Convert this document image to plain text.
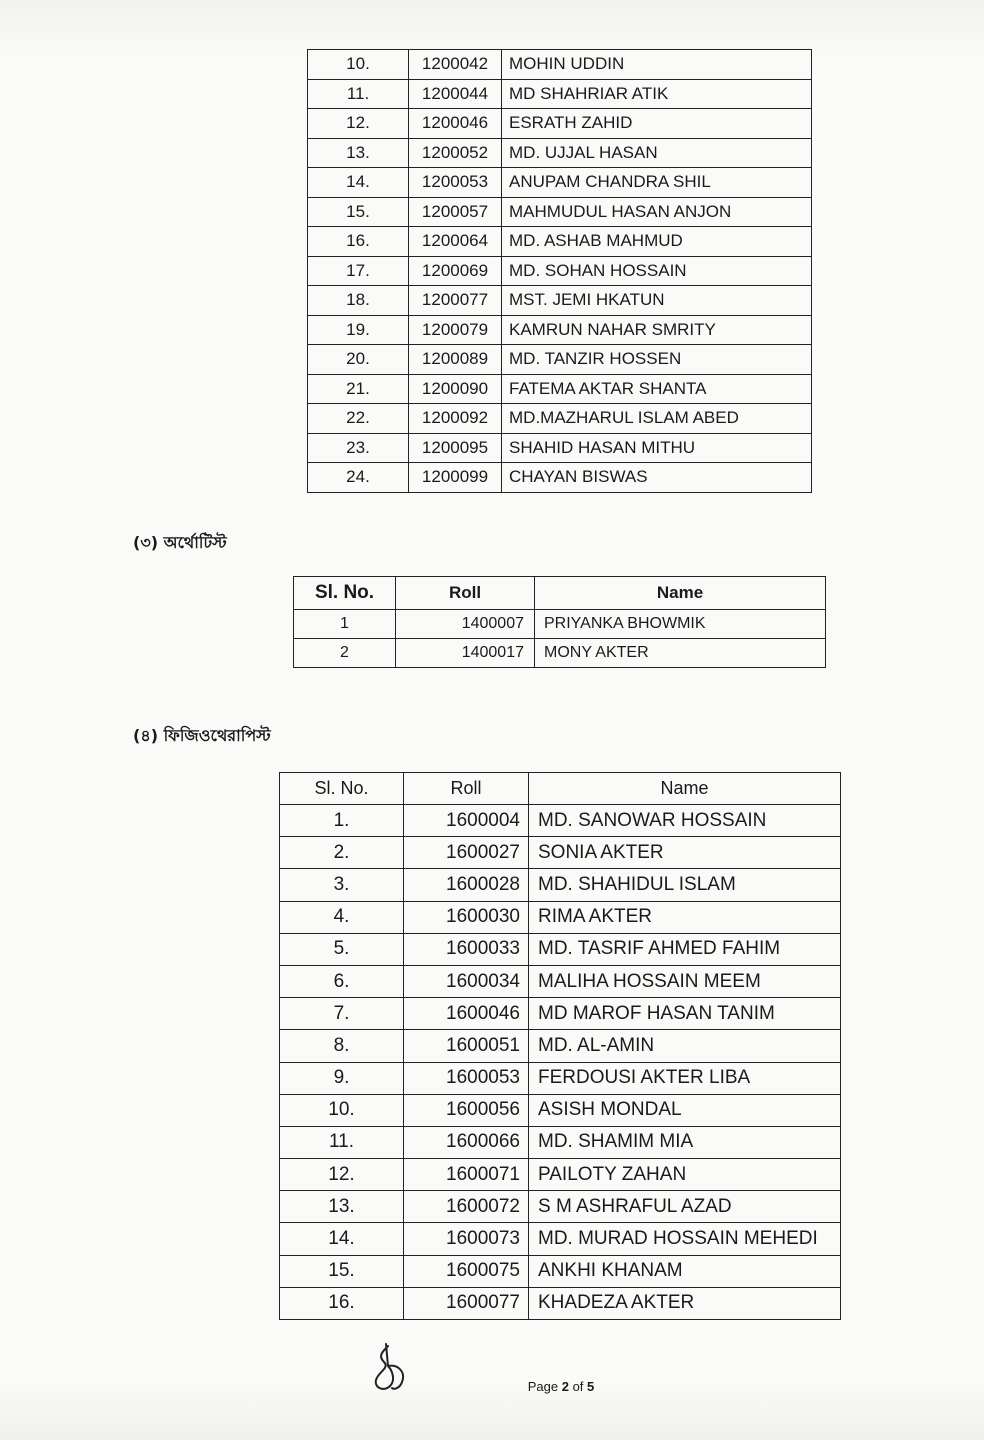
10.	1200042	MOHIN UDDIN
11.	1200044	MD SHAHRIAR ATIK
12.	1200046	ESRATH ZAHID
13.	1200052	MD. UJJAL HASAN
14.	1200053	ANUPAM CHANDRA SHIL
15.	1200057	MAHMUDUL HASAN ANJON
16.	1200064	MD. ASHAB MAHMUD
17.	1200069	MD. SOHAN HOSSAIN
18.	1200077	MST. JEMI HKATUN
19.	1200079	KAMRUN NAHAR SMRITY
20.	1200089	MD. TANZIR HOSSEN
21.	1200090	FATEMA AKTAR SHANTA
22.	1200092	MD.MAZHARUL ISLAM ABED
23.	1200095	SHAHID HASAN MITHU
24.	1200099	CHAYAN BISWAS
(৩) অর্থোটিস্ট
Sl. No.	Roll	Name
1	1400007	PRIYANKA BHOWMIK
2	1400017	MONY AKTER
(৪) ফিজিওথেরাপিস্ট
Sl. No.	Roll	Name
1.	1600004	MD. SANOWAR HOSSAIN
2.	1600027	SONIA AKTER
3.	1600028	MD. SHAHIDUL ISLAM
4.	1600030	RIMA AKTER
5.	1600033	MD. TASRIF AHMED FAHIM
6.	1600034	MALIHA HOSSAIN MEEM
7.	1600046	MD MAROF HASAN TANIM
8.	1600051	MD. AL-AMIN
9.	1600053	FERDOUSI AKTER LIBA
10.	1600056	ASISH MONDAL
11.	1600066	MD. SHAMIM MIA
12.	1600071	PAILOTY ZAHAN
13.	1600072	S M ASHRAFUL AZAD
14.	1600073	MD. MURAD HOSSAIN MEHEDI
15.	1600075	ANKHI KHANAM
16.	1600077	KHADEZA AKTER
Page 2 of 5
